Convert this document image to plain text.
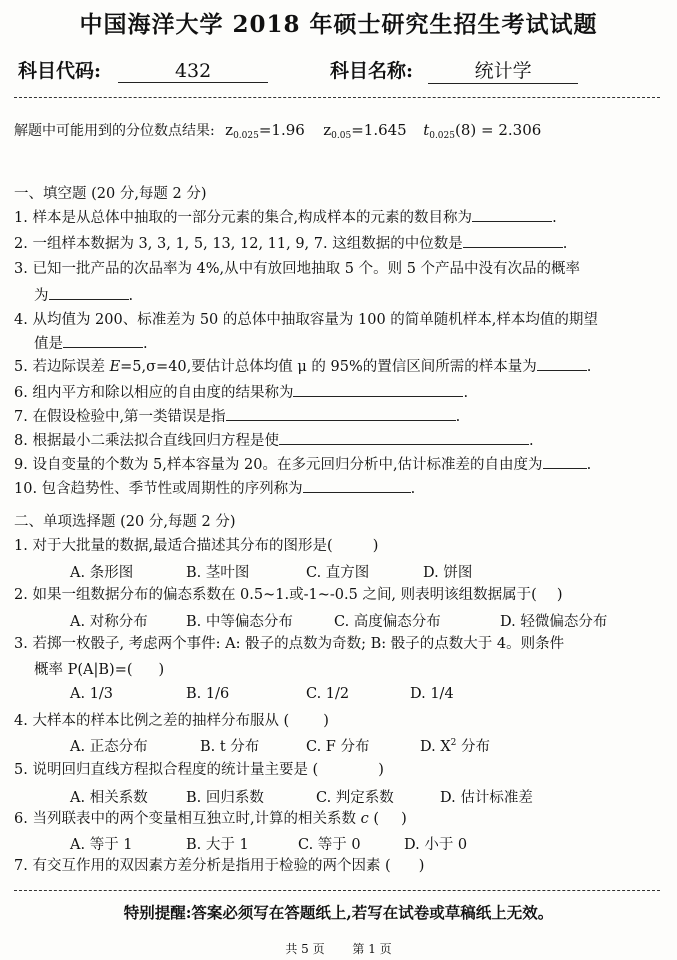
中国海洋大学 2018 年硕士研究生招生考试试题
科目代码:	432	科目名称:	统计学
解题中可能用到的分位数点结果: $z_{0.025}=1.96$ $z_{0.05}=1.645$ $t_{0.025}(8) = 2.306$
一、填空题 (20 分,每题 2 分)
1. 样本是从总体中抽取的一部分元素的集合,构成样本的元素的数目称为	.
2. 一组样本数据为 3, 3, 1, 5, 13, 12, 11, 9, 7. 这组数据的中位数是	.
3. 已知一批产品的次品率为 4%,从中有放回地抽取 5 个。则 5 个产品中没有次品的概率
为	.
4. 从均值为 200、标准差为 50 的总体中抽取容量为 100 的简单随机样本,样本均值的期望
值是	.
5. 若边际误差 E=5,σ=40,要估计总体均值 μ 的 95%的置信区间所需的样本量为	.
6. 组内平方和除以相应的自由度的结果称为	.
7. 在假设检验中,第一类错误是指	.
8. 根据最小二乘法拟合直线回归方程是使	.
9. 设自变量的个数为 5,样本容量为 20。在多元回归分析中,估计标准差的自由度为	.
10. 包含趋势性、季节性或周期性的序列称为	.
二、单项选择题 (20 分,每题 2 分)
1. 对于大批量的数据,最适合描述其分布的图形是(	)
A. 条形图	B. 茎叶图	C. 直方图	D. 饼图
2. 如果一组数据分布的偏态系数在 0.5~1.或-1~-0.5 之间, 则表明该组数据属于( )
A. 对称分布	B. 中等偏态分布	C. 高度偏态分布	D. 轻微偏态分布
3. 若掷一枚骰子, 考虑两个事件: A: 骰子的点数为奇数; B: 骰子的点数大于 4。则条件
概率 P(A|B)=( )
A. 1/3	B. 1/6	C. 1/2	D. 1/4
4. 大样本的样本比例之差的抽样分布服从 ( )
A. 正态分布	B. t 分布	C. F 分布	D. $X^2$ 分布
5. 说明回归直线方程拟合程度的统计量主要是 (	)
A. 相关系数	B. 回归系数	C. 判定系数	D. 估计标准差
6. 当列联表中的两个变量相互独立时,计算的相关系数 c ( )
A. 等于 1	B. 大于 1	C. 等于 0	D. 小于 0
7. 有交互作用的双因素方差分析是指用于检验的两个因素 ( )
特别提醒:答案必须写在答题纸上,若写在试卷或草稿纸上无效。
共 5 页 第 1 页
